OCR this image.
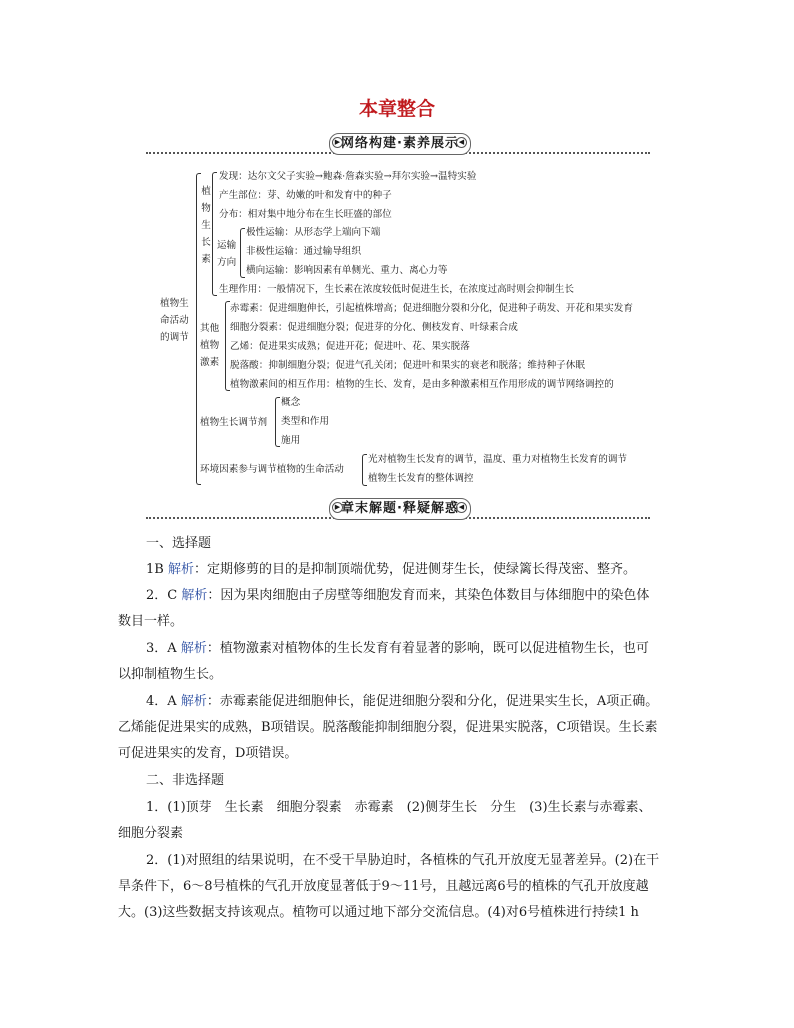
本章整合
网络构建·素养展示
▶	◀
植物生
命活动
的调节
植物生长素
发现：达尔文父子实验→鲍森·詹森实验→拜尔实验→温特实验
产生部位：芽、幼嫩的叶和发育中的种子
分布：相对集中地分布在生长旺盛的部位
运输方向
极性运输：从形态学上端向下端
非极性运输：通过输导组织
横向运输：影响因素有单侧光、重力、离心力等
生理作用：一般情况下，生长素在浓度较低时促进生长，在浓度过高时则会抑制生长
其他植物激素
赤霉素：促进细胞伸长，引起植株增高；促进细胞分裂和分化，促进种子萌发、开花和果实发育
细胞分裂素：促进细胞分裂；促进芽的分化、侧枝发育、叶绿素合成
乙烯：促进果实成熟；促进开花；促进叶、花、果实脱落
脱落酸：抑制细胞分裂；促进气孔关闭；促进叶和果实的衰老和脱落；维持种子休眠
植物激素间的相互作用：植物的生长、发育，是由多种激素相互作用形成的调节网络调控的
植物生长调节剂
概念
类型和作用
施用
环境因素参与调节植物的生命活动
光对植物生长发育的调节，温度、重力对植物生长发育的调节
植物生长发育的整体调控
章末解题·释疑解惑
▶	◀
一、选择题
1B 解析：定期修剪的目的是抑制顶端优势，促进侧芽生长，使绿篱长得茂密、整齐。
2．C 解析：因为果肉细胞由子房壁等细胞发育而来，其染色体数目与体细胞中的染色体
数目一样。
3．A 解析：植物激素对植物体的生长发育有着显著的影响，既可以促进植物生长，也可
以抑制植物生长。
4．A 解析：赤霉素能促进细胞伸长，能促进细胞分裂和分化，促进果实生长，A项正确。
乙烯能促进果实的成熟，B项错误。脱落酸能抑制细胞分裂，促进果实脱落，C项错误。生长素
可促进果实的发育，D项错误。
二、非选择题
1．(1)顶芽　生长素　细胞分裂素　赤霉素　(2)侧芽生长　分生　(3)生长素与赤霉素、
细胞分裂素
2．(1)对照组的结果说明，在不受干旱胁迫时，各植株的气孔开放度无显著差异。(2)在干
旱条件下，6～8号植株的气孔开放度显著低于9～11号，且越远离6号的植株的气孔开放度越
大。(3)这些数据支持该观点。植物可以通过地下部分交流信息。(4)对6号植株进行持续1 h
